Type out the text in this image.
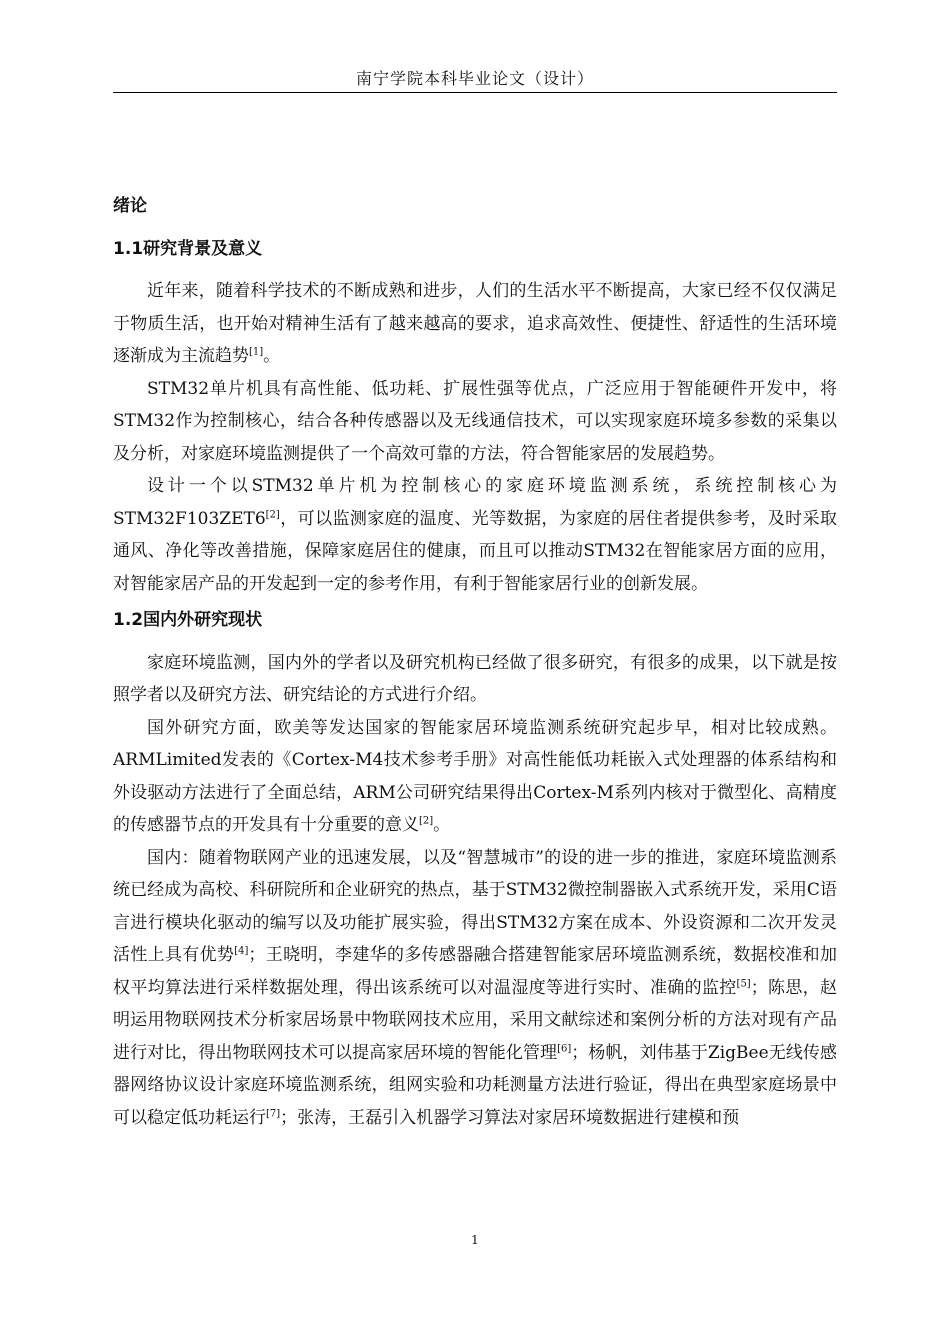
南宁学院本科毕业论文（设计）
绪论
1.1研究背景及意义

近年来，随着科学技术的不断成熟和进步，人们的生活水平不断提高，大家已经不仅仅满足于物质生活，也开始对精神生活有了越来越高的要求，追求高效性、便捷性、舒适性的生活环境逐渐成为主流趋势[1]。

STM32单片机具有高性能、低功耗、扩展性强等优点，广泛应用于智能硬件开发中，将STM32作为控制核心，结合各种传感器以及无线通信技术，可以实现家庭环境多参数的采集以及分析，对家庭环境监测提供了一个高效可靠的方法，符合智能家居的发展趋势。

设计一个以STM32单片机为控制核心的家庭环境监测系统，系统控制核心为STM32F103ZET6[2]，可以监测家庭的温度、光等数据，为家庭的居住者提供参考，及时采取通风、净化等改善措施，保障家庭居住的健康，而且可以推动STM32在智能家居方面的应用，对智能家居产品的开发起到一定的参考作用，有利于智能家居行业的创新发展。

1.2国内外研究现状

家庭环境监测，国内外的学者以及研究机构已经做了很多研究，有很多的成果，以下就是按照学者以及研究方法、研究结论的方式进行介绍。

国外研究方面，欧美等发达国家的智能家居环境监测系统研究起步早，相对比较成熟。ARMLimited发表的《Cortex-M4技术参考手册》对高性能低功耗嵌入式处理器的体系结构和外设驱动方法进行了全面总结，ARM公司研究结果得出Cortex-M系列内核对于微型化、高精度的传感器节点的开发具有十分重要的意义[2]。

国内：随着物联网产业的迅速发展，以及“智慧城市”的设的进一步的推进，家庭环境监测系统已经成为高校、科研院所和企业研究的热点，基于STM32微控制器嵌入式系统开发，采用C语言进行模块化驱动的编写以及功能扩展实验，得出STM32方案在成本、外设资源和二次开发灵活性上具有优势[4]；王晓明，李建华的多传感器融合搭建智能家居环境监测系统，数据校准和加权平均算法进行采样数据处理，得出该系统可以对温湿度等进行实时、准确的监控[5]；陈思，赵明运用物联网技术分析家居场景中物联网技术应用，采用文献综述和案例分析的方法对现有产品进行对比，得出物联网技术可以提高家居环境的智能化管理[6]；杨帆，刘伟基于ZigBee无线传感器网络协议设计家庭环境监测系统，组网实验和功耗测量方法进行验证，得出在典型家庭场景中可以稳定低功耗运行[7]；张涛，王磊引入机器学习算法对家居环境数据进行建模和预

1
